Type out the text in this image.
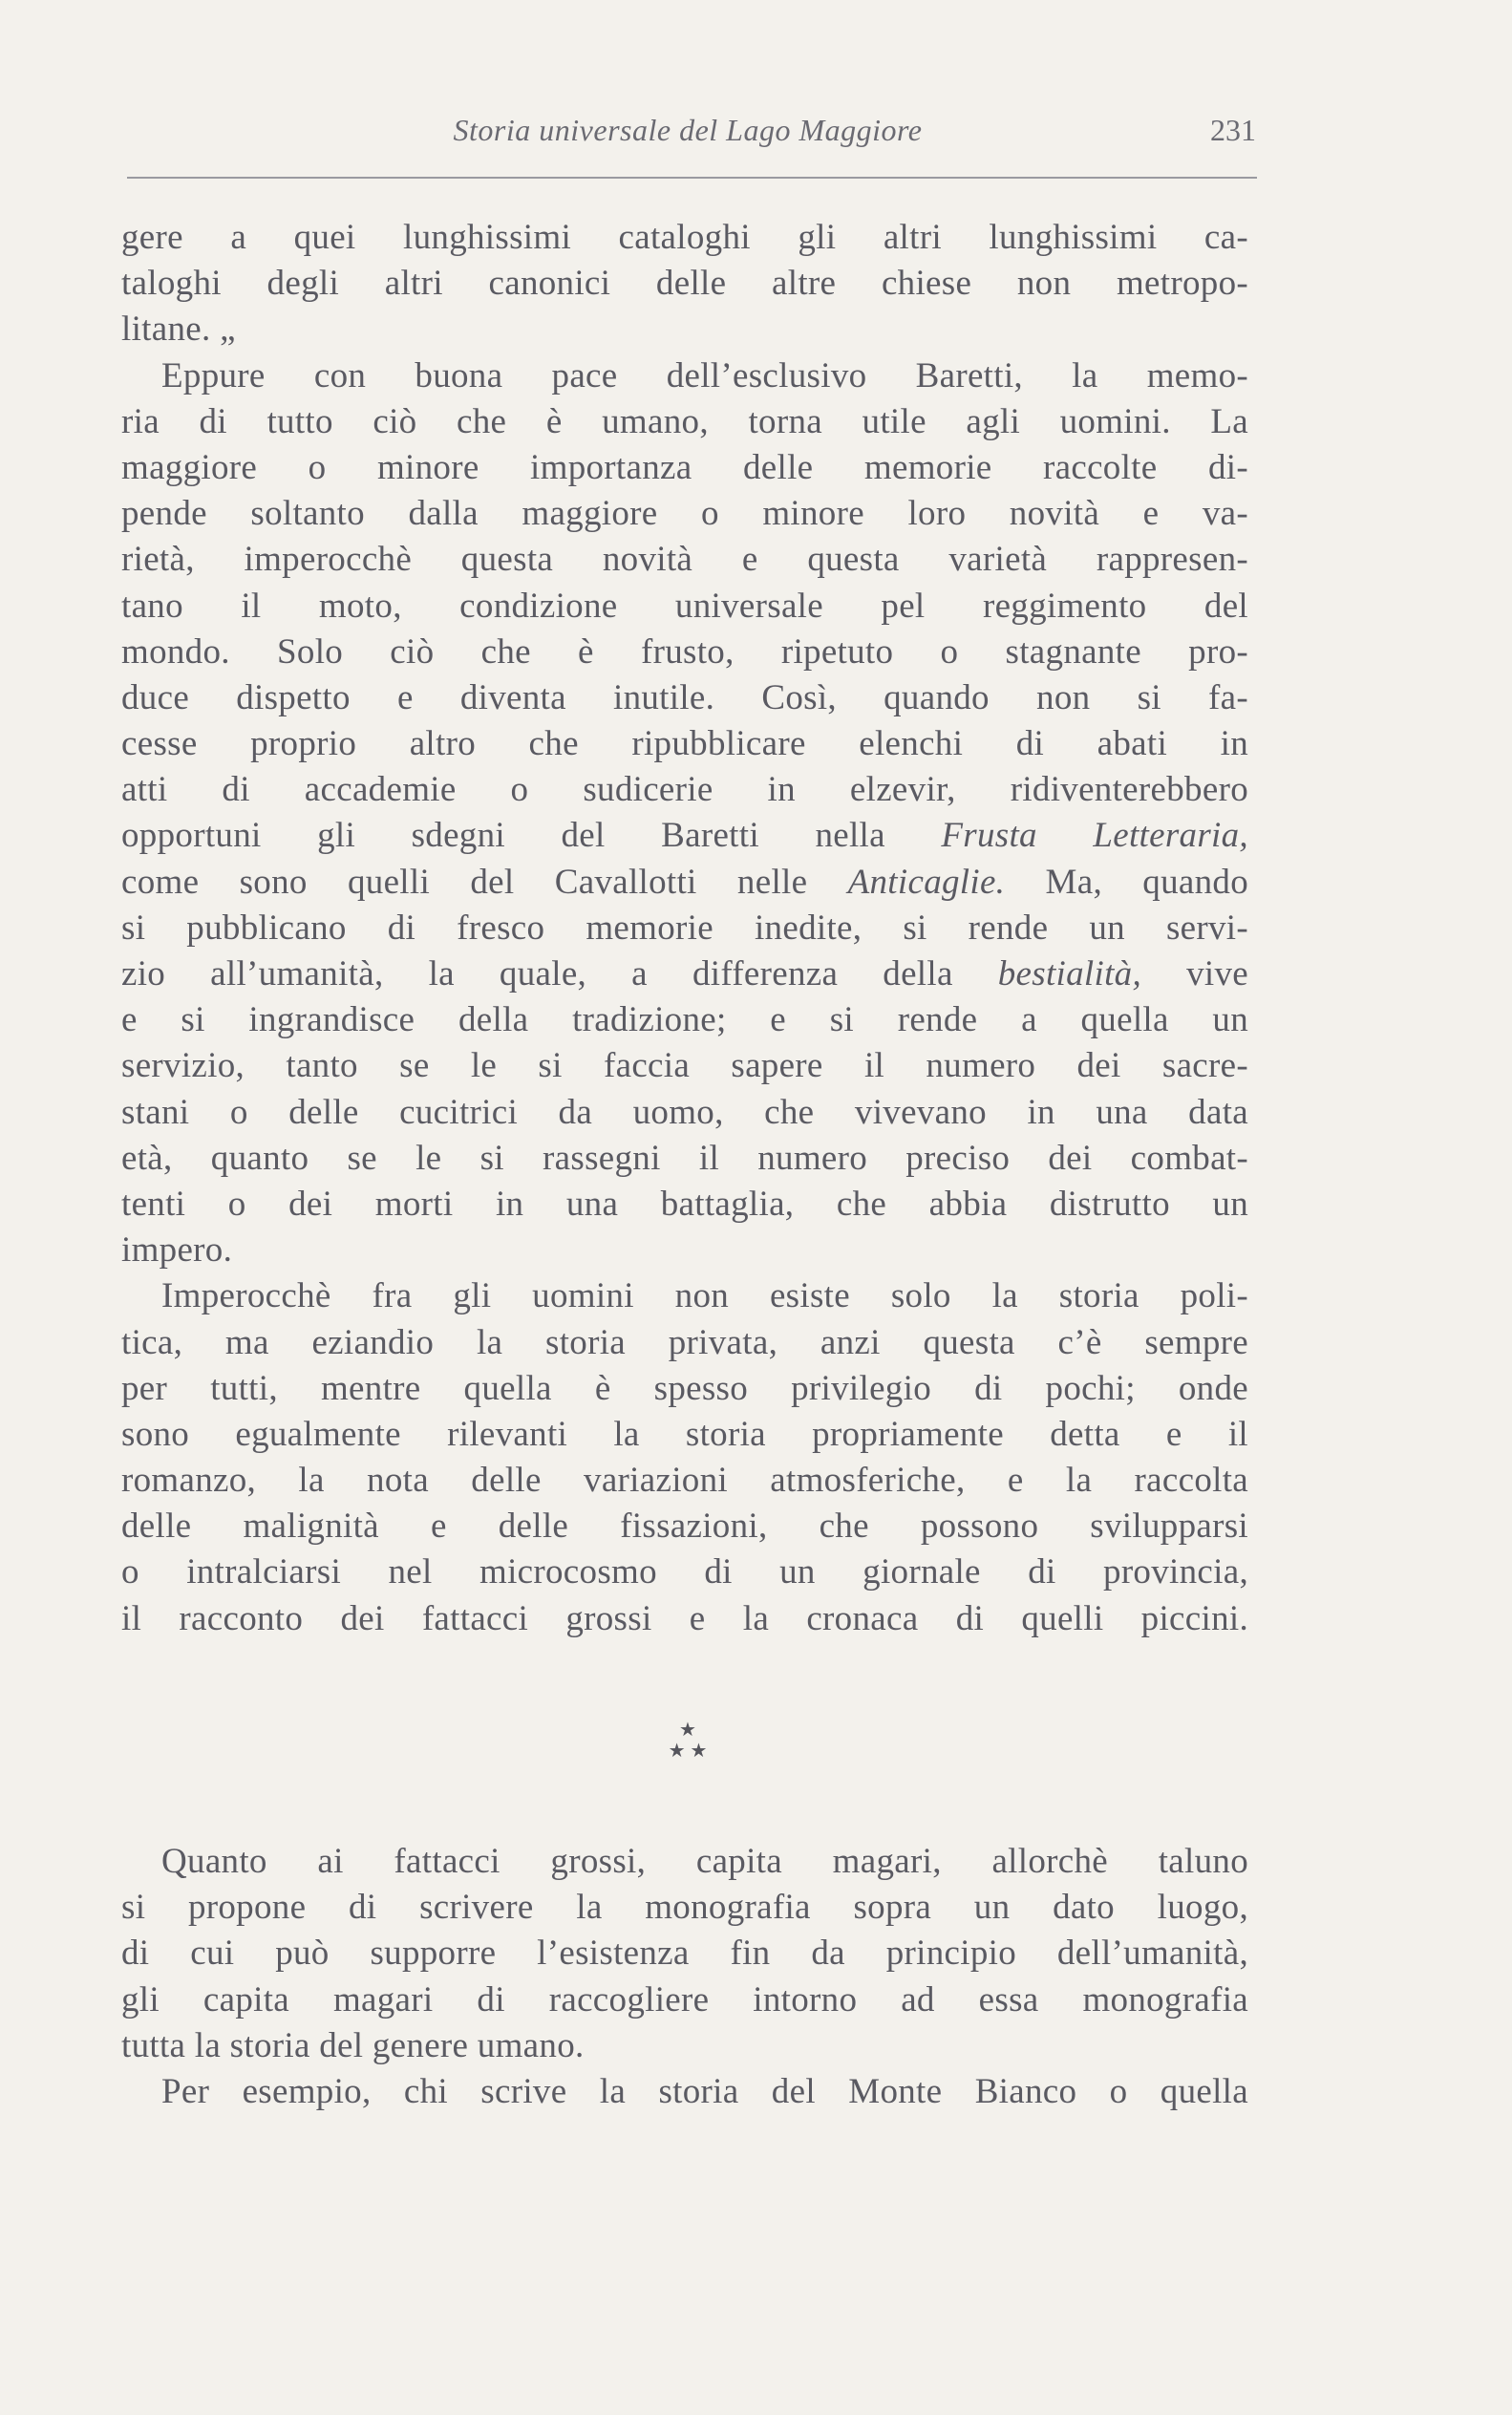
Storia universale del Lago Maggiore	231
gere a quei lunghissimi cataloghi gli altri lunghissimi ca-
taloghi degli altri canonici delle altre chiese non metropo-
litane. „
Eppure con buona pace dell’esclusivo Baretti, la memo-
ria di tutto ciò che è umano, torna utile agli uomini. La
maggiore o minore importanza delle memorie raccolte di-
pende soltanto dalla maggiore o minore loro novità e va-
rietà, imperocchè questa novità e questa varietà rappresen-
tano il moto, condizione universale pel reggimento del
mondo. Solo ciò che è frusto, ripetuto o stagnante pro-
duce dispetto e diventa inutile. Così, quando non si fa-
cesse proprio altro che ripubblicare elenchi di abati in
atti di accademie o sudicerie in elzevir, ridiventerebbero
opportuni gli sdegni del Baretti nella Frusta Letteraria,
come sono quelli del Cavallotti nelle Anticaglie. Ma, quando
si pubblicano di fresco memorie inedite, si rende un servi-
zio all’umanità, la quale, a differenza della bestialità, vive
e si ingrandisce della tradizione; e si rende a quella un
servizio, tanto se le si faccia sapere il numero dei sacre-
stani o delle cucitrici da uomo, che vivevano in una data
età, quanto se le si rassegni il numero preciso dei combat-
tenti o dei morti in una battaglia, che abbia distrutto un
impero.
Imperocchè fra gli uomini non esiste solo la storia poli-
tica, ma eziandio la storia privata, anzi questa c’è sempre
per tutti, mentre quella è spesso privilegio di pochi; onde
sono egualmente rilevanti la storia propriamente detta e il
romanzo, la nota delle variazioni atmosferiche, e la raccolta
delle malignità e delle fissazioni, che possono svilupparsi
o intralciarsi nel microcosmo di un giornale di provincia,
il racconto dei fattacci grossi e la cronaca di quelli piccini.
★
★ ★
Quanto ai fattacci grossi, capita magari, allorchè taluno
si propone di scrivere la monografia sopra un dato luogo,
di cui può supporre l’esistenza fin da principio dell’umanità,
gli capita magari di raccogliere intorno ad essa monografia
tutta la storia del genere umano.
Per esempio, chi scrive la storia del Monte Bianco o quella
